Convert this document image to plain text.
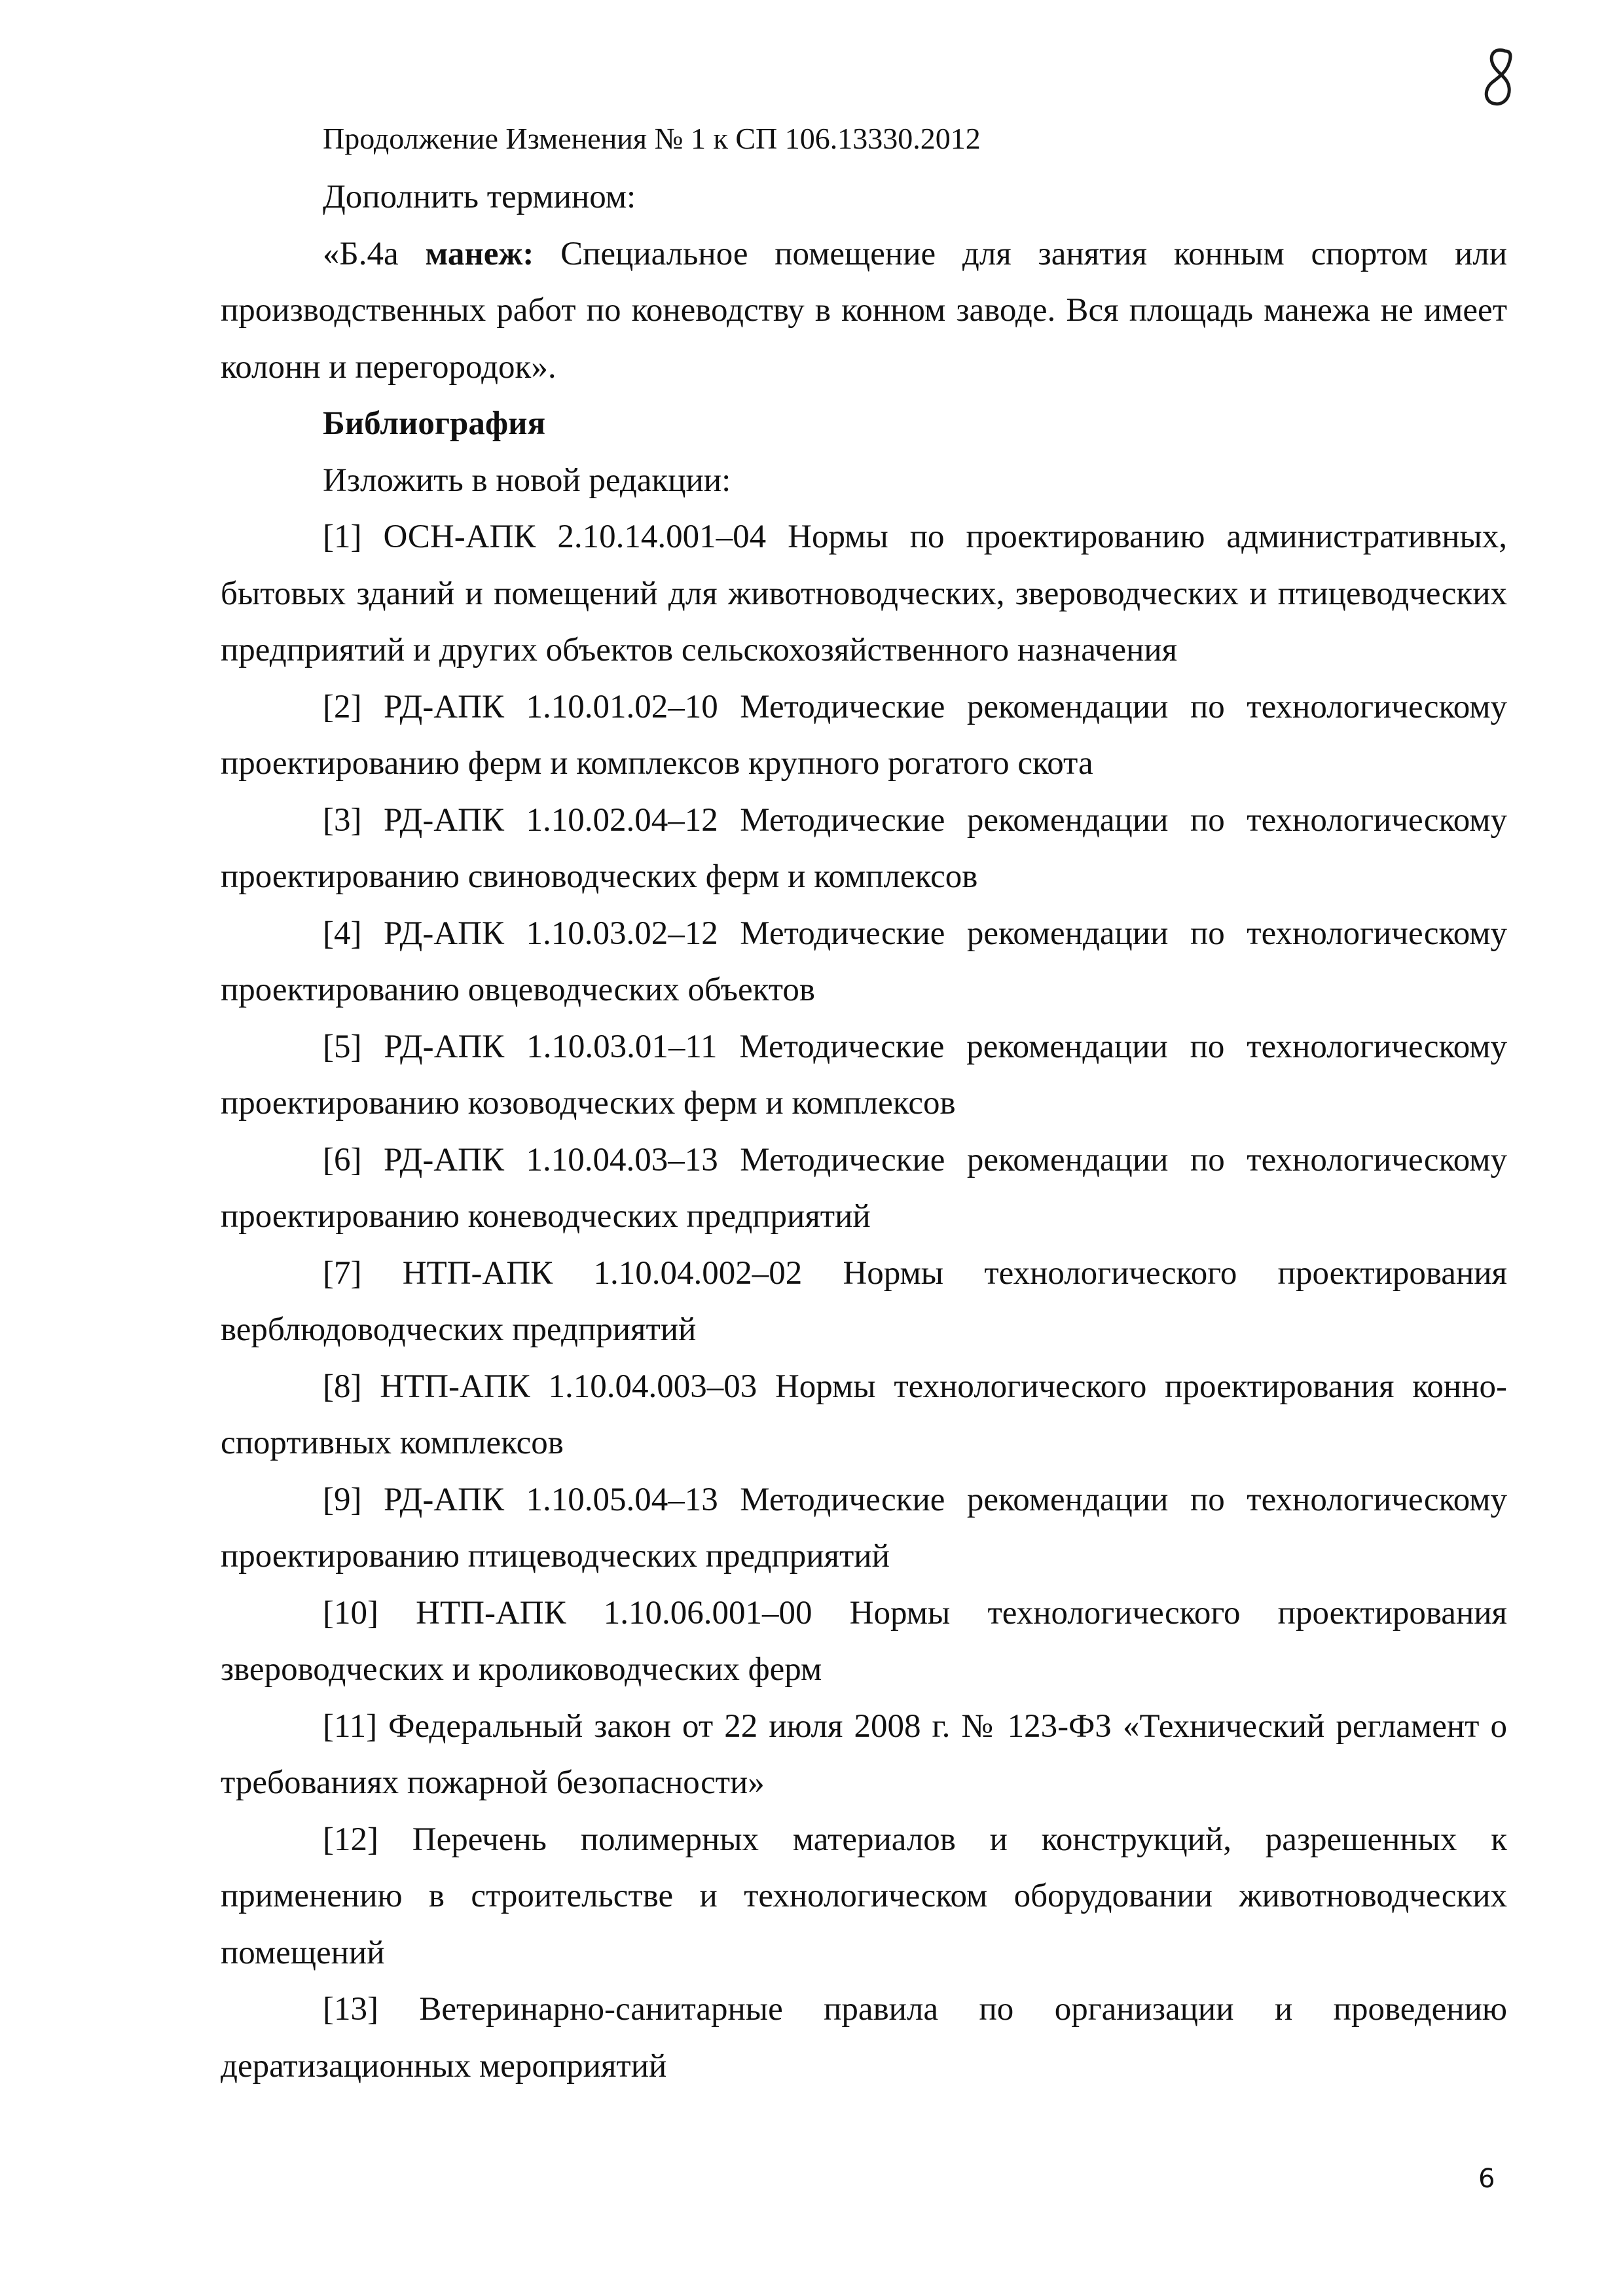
Продолжение Изменения № 1 к СП 106.13330.2012

Дополнить термином:

«Б.4а манеж: Специальное помещение для занятия конным спортом или производственных работ по коневодству в конном заводе. Вся площадь манежа не имеет колонн и перегородок».

Библиография

Изложить в новой редакции:

[1] ОСН-АПК 2.10.14.001–04 Нормы по проектированию административных, бытовых зданий и помещений для животноводческих, звероводческих и птицеводческих предприятий и других объектов сельскохозяйственного назначения

[2] РД-АПК 1.10.01.02–10 Методические рекомендации по технологическому проектированию ферм и комплексов крупного рогатого скота

[3] РД-АПК 1.10.02.04–12 Методические рекомендации по технологическому проектированию свиноводческих ферм и комплексов

[4] РД-АПК 1.10.03.02–12 Методические рекомендации по технологическому проектированию овцеводческих объектов

[5] РД-АПК 1.10.03.01–11 Методические рекомендации по технологическому проектированию козоводческих ферм и комплексов

[6] РД-АПК 1.10.04.03–13 Методические рекомендации по технологическому проектированию коневодческих предприятий

[7] НТП-АПК 1.10.04.002–02 Нормы технологического проектирования верблюдоводческих предприятий

[8] НТП-АПК 1.10.04.003–03 Нормы технологического проектирования конно-спортивных комплексов

[9] РД-АПК 1.10.05.04–13 Методические рекомендации по технологическому проектированию птицеводческих предприятий

[10] НТП-АПК 1.10.06.001–00 Нормы технологического проектирования звероводческих и кролиководческих ферм

[11] Федеральный закон от 22 июля 2008 г. № 123-ФЗ «Технический регламент о требованиях пожарной безопасности»

[12] Перечень полимерных материалов и конструкций, разрешенных к применению в строительстве и технологическом оборудовании животноводческих помещений

[13] Ветеринарно-санитарные правила по организации и проведению дератизационных мероприятий

6
